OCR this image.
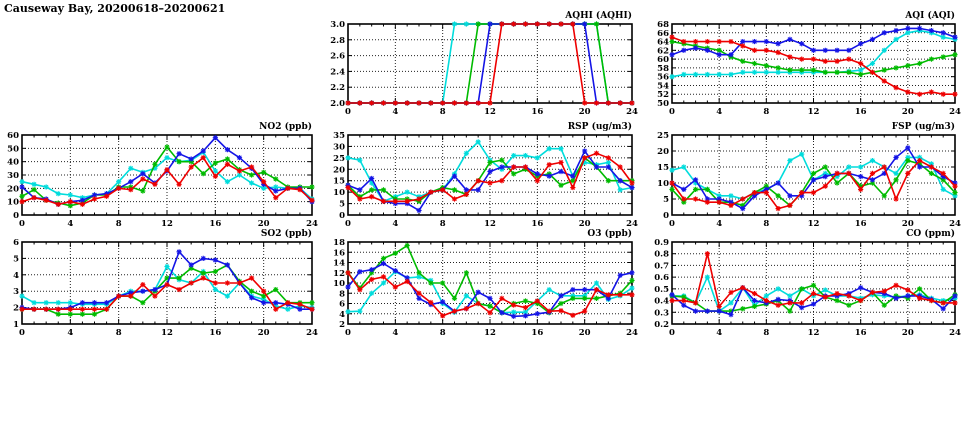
Causeway Bay, 20200618–20200621
2.0
2.2
2.4
2.6
2.8
3.0
0	4	8	12	16	20	24
50
52
54
56
58
60
62
64
66
68
0	4	8	12	16	20	24
0
10
20
30
40
50
60
0	4	8	12	16	20	24
0
5
10
15
20
25
30
35
0	4	8	12	16	20	24
0
5
10
15
20
25
0	4	8	12	16	20	24
1
2
3
4
5
6
0	4	8	12	16	20	24
2
4
6
8
10
12
14
16
18
0	4	8	12	16	20	24
0.2
0.3
0.4
0.5
0.6
0.7
0.8
0.9
0	4	8	12	16	20	24
AQHI (AQHI)	AQI (AQI)
NO2 (ppb)	RSP (ug/m3)	FSP (ug/m3)
SO2 (ppb)	O3 (ppb)	CO (ppm)
